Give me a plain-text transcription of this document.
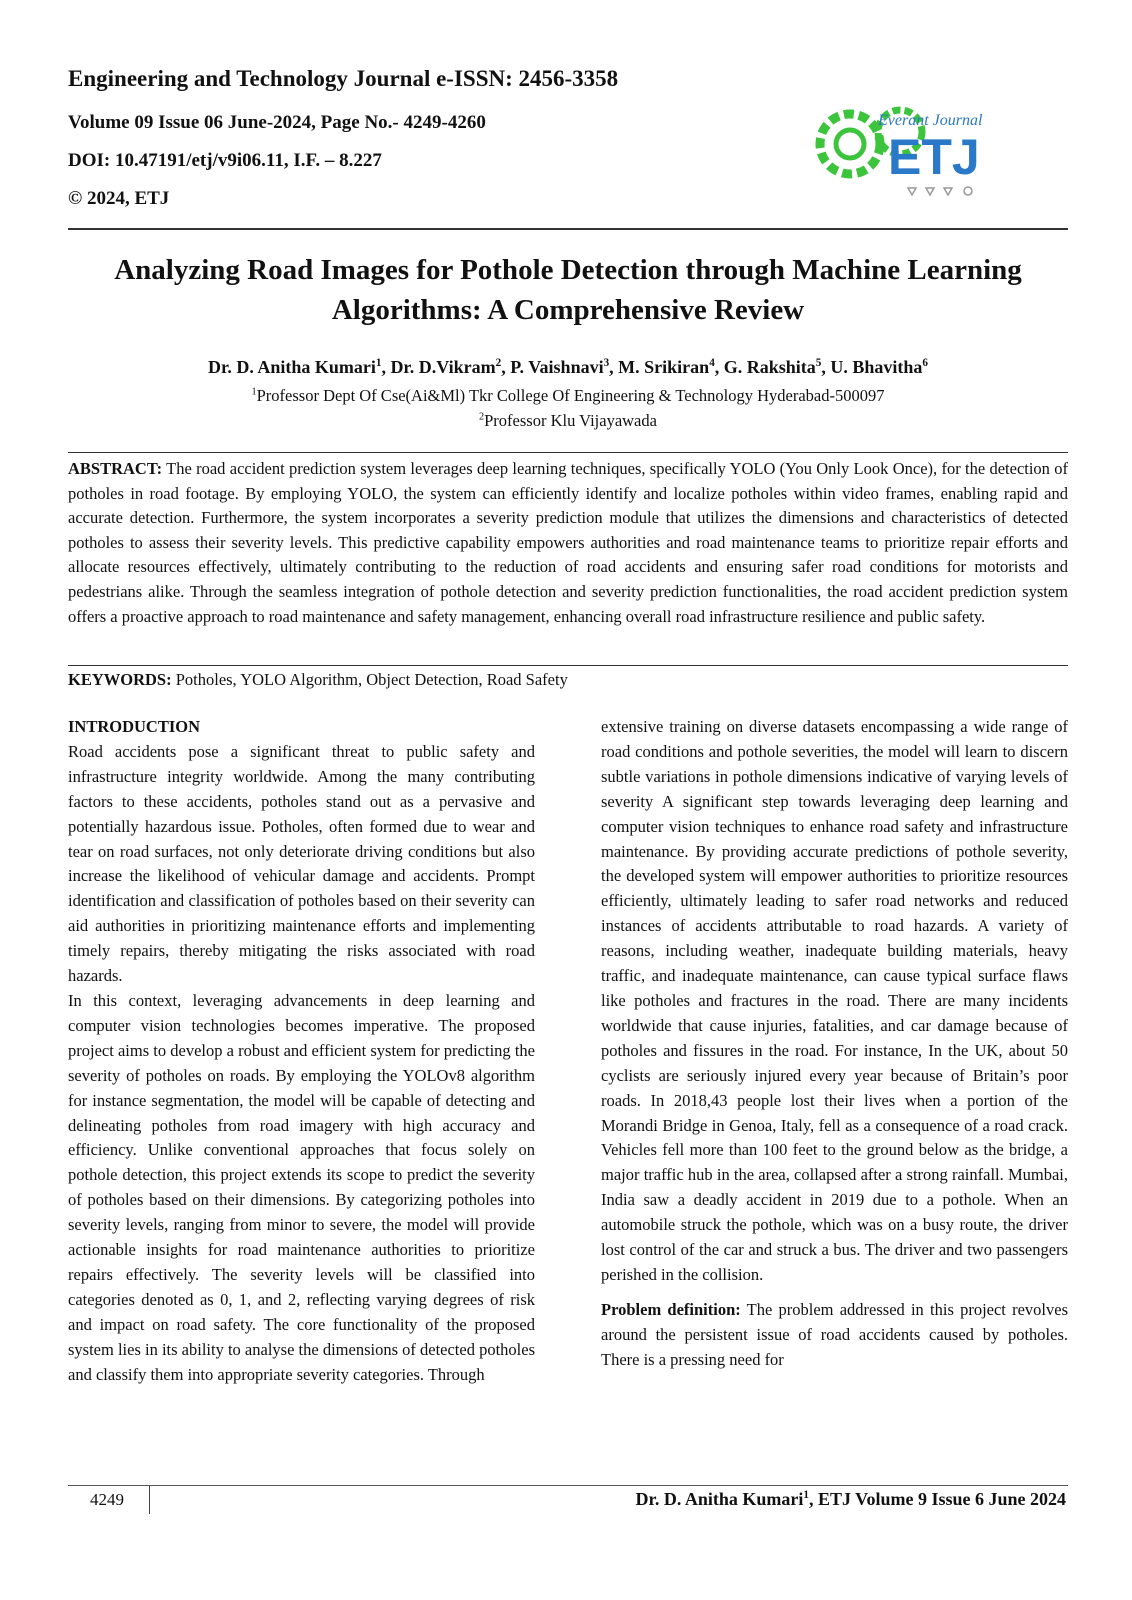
Engineering and Technology Journal e-ISSN: 2456-3358
Volume 09 Issue 06 June-2024, Page No.- 4249-4260
DOI: 10.47191/etj/v9i06.11, I.F. – 8.227
© 2024, ETJ
Everant Journal
ETJ
Analyzing Road Images for Pothole Detection through Machine Learning Algorithms: A Comprehensive Review
Dr. D. Anitha Kumari$^1$, Dr. D.Vikram$^2$, P. Vaishnavi$^3$, M. Srikiran$^4$, G. Rakshita$^5$, U. Bhavitha$^6$
$^1$Professor Dept Of Cse(Ai&Ml) Tkr College Of Engineering & Technology Hyderabad-500097
$^2$Professor Klu Vijayawada
ABSTRACT: The road accident prediction system leverages deep learning techniques, specifically YOLO (You Only Look Once), for the detection of potholes in road footage. By employing YOLO, the system can efficiently identify and localize potholes within video frames, enabling rapid and accurate detection. Furthermore, the system incorporates a severity prediction module that utilizes the dimensions and characteristics of detected potholes to assess their severity levels. This predictive capability empowers authorities and road maintenance teams to prioritize repair efforts and allocate resources effectively, ultimately contributing to the reduction of road accidents and ensuring safer road conditions for motorists and pedestrians alike. Through the seamless integration of pothole detection and severity prediction functionalities, the road accident prediction system offers a proactive approach to road maintenance and safety management, enhancing overall road infrastructure resilience and public safety.
KEYWORDS: Potholes, YOLO Algorithm, Object Detection, Road Safety
INTRODUCTION

Road accidents pose a significant threat to public safety and infrastructure integrity worldwide. Among the many contributing factors to these accidents, potholes stand out as a pervasive and potentially hazardous issue. Potholes, often formed due to wear and tear on road surfaces, not only deteriorate driving conditions but also increase the likelihood of vehicular damage and accidents. Prompt identification and classification of potholes based on their severity can aid authorities in prioritizing maintenance efforts and implementing timely repairs, thereby mitigating the risks associated with road hazards.

In this context, leveraging advancements in deep learning and computer vision technologies becomes imperative. The proposed project aims to develop a robust and efficient system for predicting the severity of potholes on roads. By employing the YOLOv8 algorithm for instance segmentation, the model will be capable of detecting and delineating potholes from road imagery with high accuracy and efficiency. Unlike conventional approaches that focus solely on pothole detection, this project extends its scope to predict the severity of potholes based on their dimensions. By categorizing potholes into severity levels, ranging from minor to severe, the model will provide actionable insights for road maintenance authorities to prioritize repairs effectively. The severity levels will be classified into categories denoted as 0, 1, and 2, reflecting varying degrees of risk and impact on road safety. The core functionality of the proposed system lies in its ability to analyse the dimensions of detected potholes and classify them into appropriate severity categories. Through

extensive training on diverse datasets encompassing a wide range of road conditions and pothole severities, the model will learn to discern subtle variations in pothole dimensions indicative of varying levels of severity A significant step towards leveraging deep learning and computer vision techniques to enhance road safety and infrastructure maintenance. By providing accurate predictions of pothole severity, the developed system will empower authorities to prioritize resources efficiently, ultimately leading to safer road networks and reduced instances of accidents attributable to road hazards. A variety of reasons, including weather, inadequate building materials, heavy traffic, and inadequate maintenance, can cause typical surface flaws like potholes and fractures in the road. There are many incidents worldwide that cause injuries, fatalities, and car damage because of potholes and fissures in the road. For instance, In the UK, about 50 cyclists are seriously injured every year because of Britain’s poor roads. In 2018,43 people lost their lives when a portion of the Morandi Bridge in Genoa, Italy, fell as a consequence of a road crack. Vehicles fell more than 100 feet to the ground below as the bridge, a major traffic hub in the area, collapsed after a strong rainfall. Mumbai, India saw a deadly accident in 2019 due to a pothole. When an automobile struck the pothole, which was on a busy route, the driver lost control of the car and struck a bus. The driver and two passengers perished in the collision.

Problem definition: The problem addressed in this project revolves around the persistent issue of road accidents caused by potholes. There is a pressing need for

4249	Dr. D. Anitha Kumari$^1$, ETJ Volume 9 Issue 6 June 2024
